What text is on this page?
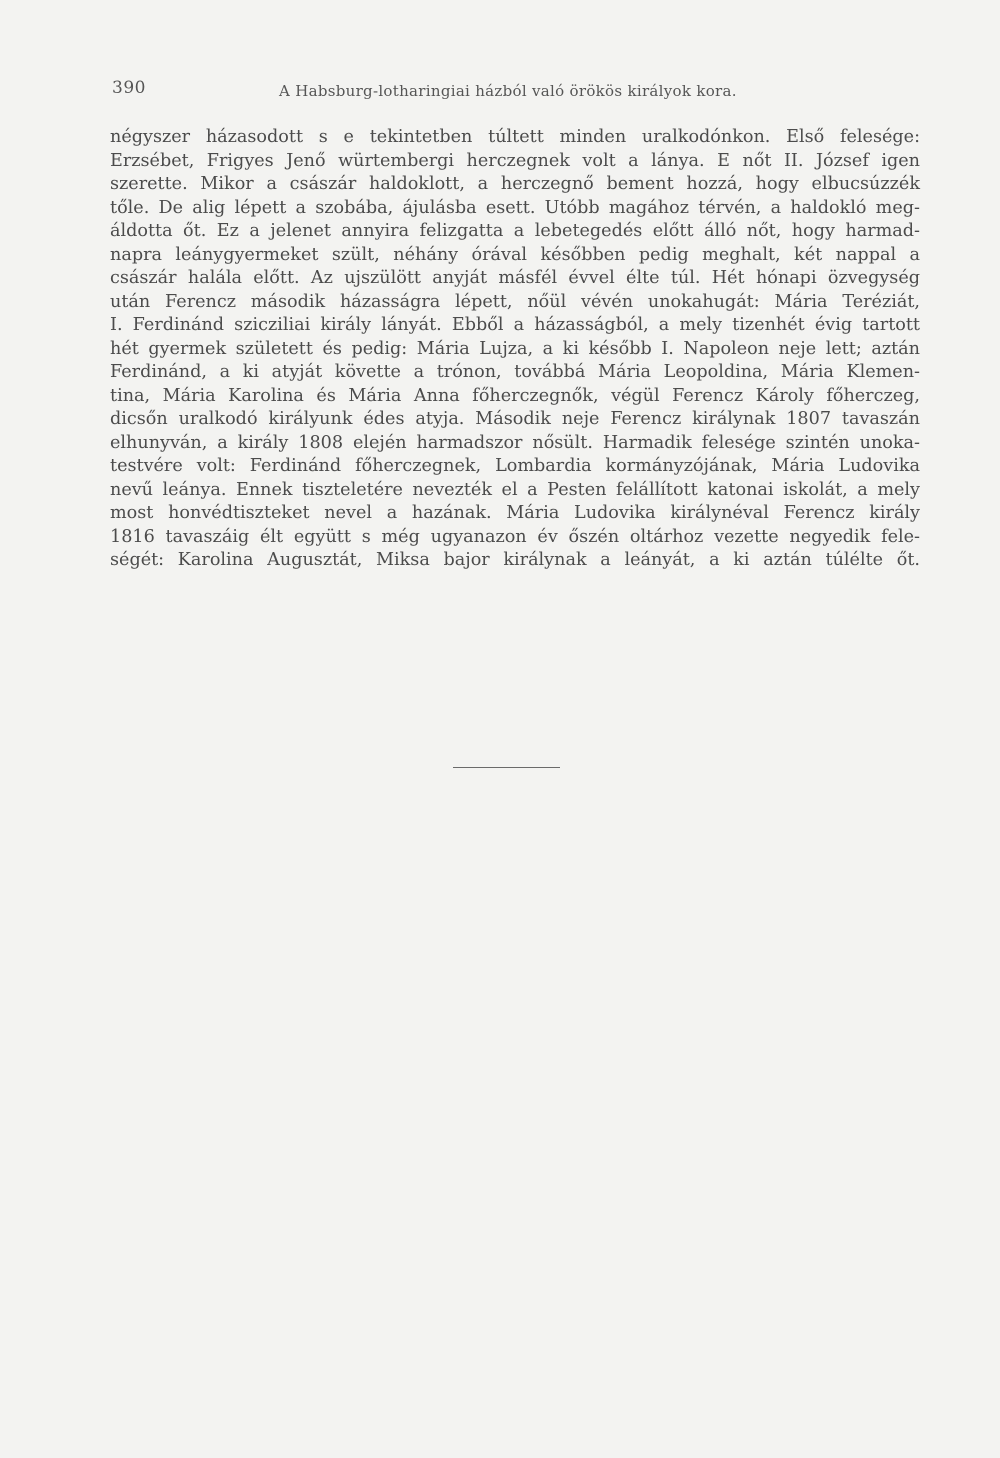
390	A Habsburg-lotharingiai házból való örökös királyok kora.
négyszer házasodott s e tekintetben túltett minden uralkodónkon. Első felesége:
Erzsébet, Frigyes Jenő würtembergi herczegnek volt a lánya. E nőt II. József igen
szerette. Mikor a császár haldoklott, a herczegnő bement hozzá, hogy elbucsúzzék
tőle. De alig lépett a szobába, ájulásba esett. Utóbb magához térvén, a haldokló meg-
áldotta őt. Ez a jelenet annyira felizgatta a lebetegedés előtt álló nőt, hogy harmad-
napra leánygyermeket szült, néhány órával későbben pedig meghalt, két nappal a
császár halála előtt. Az ujszülött anyját másfél évvel élte túl. Hét hónapi özvegység
után Ferencz második házasságra lépett, nőül vévén unokahugát: Mária Teréziát,
I. Ferdinánd szicziliai király lányát. Ebből a házasságból, a mely tizenhét évig tartott
hét gyermek született és pedig: Mária Lujza, a ki később I. Napoleon neje lett; aztán
Ferdinánd, a ki atyját követte a trónon, továbbá Mária Leopoldina, Mária Klemen-
tina, Mária Karolina és Mária Anna főherczegnők, végül Ferencz Károly főherczeg,
dicsőn uralkodó királyunk édes atyja. Második neje Ferencz királynak 1807 tavaszán
elhunyván, a király 1808 elején harmadszor nősült. Harmadik felesége szintén unoka-
testvére volt: Ferdinánd főherczegnek, Lombardia kormányzójának, Mária Ludovika
nevű leánya. Ennek tiszteletére nevezték el a Pesten felállított katonai iskolát, a mely
most honvédtiszteket nevel a hazának. Mária Ludovika királynéval Ferencz király
1816 tavaszáig élt együtt s még ugyanazon év őszén oltárhoz vezette negyedik fele-
ségét: Karolina Augusztát, Miksa bajor királynak a leányát, a ki aztán túlélte őt.
